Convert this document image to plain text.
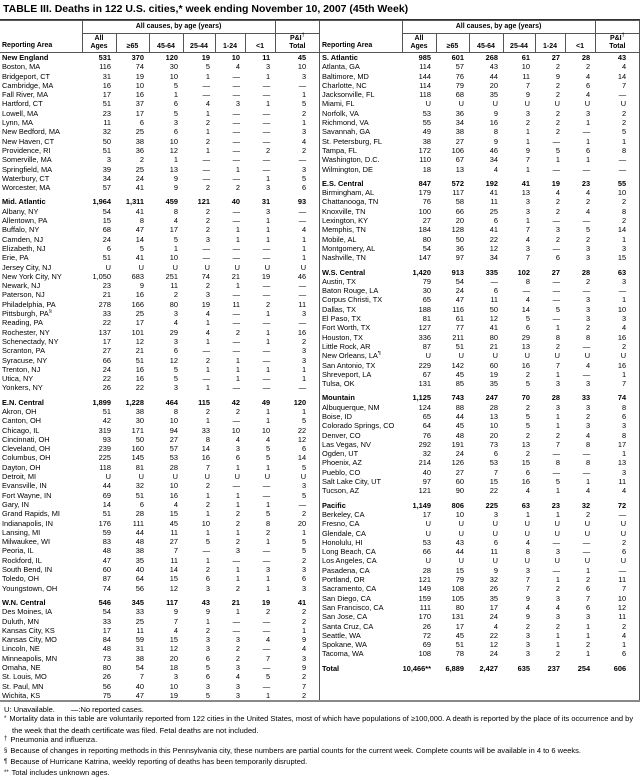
TABLE III. Deaths in 122 U.S. cities,* week ending November 10, 2007 (45th Week)
Reporting Area	All causes, by age (years)						
	All Ages	≥65	45-64	25-44	1-24	<1	P&I†
Total
New England	531	370	120	19	10	11	45
Boston, MA	116	74	30	5	4	3	10
Bridgeport, CT	31	19	10	1	—	1	3
Cambridge, MA	16	10	5	—	—	—	—
Fall River, MA	17	16	1	—	—	—	1
Hartford, CT	51	37	6	4	3	1	5
Lowell, MA	23	17	5	1	—	—	2
Lynn, MA	11	6	3	2	—	—	1
New Bedford, MA	32	25	6	1	—	—	3
New Haven, CT	50	38	10	2	—	—	4
Providence, RI	51	36	12	1	—	2	2
Somerville, MA	3	2	1	—	—	—	—
Springfield, MA	39	25	13	—	1	—	3
Waterbury, CT	34	24	9	—	—	1	5
Worcester, MA	57	41	9	2	2	3	6
Mid. Atlantic	1,964	1,311	459	121	40	31	93
Albany, NY	54	41	8	2	—	3	—
Allentown, PA	15	8	4	2	—	1	—
Buffalo, NY	68	47	17	2	1	1	4
Camden, NJ	24	14	5	3	1	1	1
Elizabeth, NJ	6	5	1	—	—	—	1
Erie, PA	51	41	10	—	—	—	1
Jersey City, NJ	U	U	U	U	U	U	U
New York City, NY	1,050	683	251	74	21	19	46
Newark, NJ	23	9	11	2	1	—	—
Paterson, NJ	21	16	2	3	—	—	—
Philadelphia, PA	278	166	80	19	11	2	11
Pittsburgh, PA§	33	25	3	4	—	1	3
Reading, PA	22	17	4	1	—	—	—
Rochester, NY	137	101	29	4	2	1	16
Schenectady, NY	17	12	3	1	—	1	2
Scranton, PA	27	21	6	—	—	—	3
Syracuse, NY	66	51	12	2	1	—	3
Trenton, NJ	24	16	5	1	1	1	1
Utica, NY	22	16	5	—	1	—	1
Yonkers, NY	26	22	3	1	—	—	—
E.N. Central	1,899	1,228	464	115	42	49	120
Akron, OH	51	38	8	2	2	1	1
Canton, OH	42	30	10	1	—	1	5
Chicago, IL	319	171	94	33	10	10	22
Cincinnati, OH	93	50	27	8	4	4	12
Cleveland, OH	239	160	57	14	3	5	6
Columbus, OH	225	145	53	16	6	5	14
Dayton, OH	118	81	28	7	1	1	5
Detroit, MI	U	U	U	U	U	U	U
Evansville, IN	44	32	10	2	—	—	3
Fort Wayne, IN	69	51	16	1	1	—	5
Gary, IN	14	6	4	2	1	1	—
Grand Rapids, MI	51	28	15	1	2	5	2
Indianapolis, IN	176	111	45	10	2	8	20
Lansing, MI	59	44	11	1	1	2	1
Milwaukee, WI	83	48	27	5	2	1	5
Peoria, IL	48	38	7	—	3	—	5
Rockford, IL	47	35	11	1	—	—	2
South Bend, IN	60	40	14	2	1	3	3
Toledo, OH	87	64	15	6	1	1	6
Youngstown, OH	74	56	12	3	2	1	3
W.N. Central	546	345	117	43	21	19	41
Des Moines, IA	54	33	9	9	1	2	2
Duluth, MN	33	25	7	1	—	—	2
Kansas City, KS	17	11	4	2	—	—	1
Kansas City, MO	84	59	15	3	3	4	9
Lincoln, NE	48	31	12	3	2	—	4
Minneapolis, MN	73	38	20	6	2	7	3
Omaha, NE	80	54	18	5	3	—	9
St. Louis, MO	26	7	3	6	4	5	2
St. Paul, MN	56	40	10	3	3	—	7
Wichita, KS	75	47	19	5	3	1	2
Reporting Area	All causes, by age (years)						
	All Ages	≥65	45-64	25-44	1-24	<1	P&I†
Total
S. Atlantic	985	601	268	61	27	28	43
Atlanta, GA	114	57	43	10	2	2	4
Baltimore, MD	144	76	44	11	9	4	14
Charlotte, NC	114	79	20	7	2	6	7
Jacksonville, FL	118	68	35	9	2	4	—
Miami, FL	U	U	U	U	U	U	U
Norfolk, VA	53	36	9	3	2	3	2
Richmond, VA	55	34	16	2	2	1	2
Savannah, GA	49	38	8	1	2	—	5
St. Petersburg, FL	38	27	9	1	—	1	1
Tampa, FL	172	106	46	9	5	6	8
Washington, D.C.	110	67	34	7	1	1	—
Wilmington, DE	18	13	4	1	—	—	—
E.S. Central	847	572	192	41	19	23	55
Birmingham, AL	179	117	41	13	4	4	10
Chattanooga, TN	76	58	11	3	2	2	2
Knoxville, TN	100	66	25	3	2	4	8
Lexington, KY	27	20	6	1	—	—	2
Memphis, TN	184	128	41	7	3	5	14
Mobile, AL	80	50	22	4	2	2	1
Montgomery, AL	54	36	12	3	—	3	3
Nashville, TN	147	97	34	7	6	3	15
W.S. Central	1,420	913	335	102	27	28	63
Austin, TX	79	54	—	8	—	2	3
Baton Rouge, LA	30	24	6	—	—	—	—
Corpus Christi, TX	65	47	11	4	—	3	1
Dallas, TX	188	116	50	14	5	3	10
El Paso, TX	81	61	12	5	—	3	3
Fort Worth, TX	127	77	41	6	1	2	4
Houston, TX	336	211	80	29	8	8	16
Little Rock, AR	87	51	21	13	2	—	2
New Orleans, LA¶	U	U	U	U	U	U	U
San Antonio, TX	229	142	60	16	7	4	16
Shreveport, LA	67	45	19	2	1	—	1
Tulsa, OK	131	85	35	5	3	3	7
Mountain	1,125	743	247	70	28	33	74
Albuquerque, NM	124	88	28	2	3	3	8
Boise, ID	65	44	13	5	1	2	6
Colorado Springs, CO	64	45	10	5	1	3	3
Denver, CO	76	48	20	2	2	4	8
Las Vegas, NV	292	191	73	13	7	8	17
Ogden, UT	32	24	6	2	—	—	1
Phoenix, AZ	214	126	53	15	8	8	13
Pueblo, CO	40	27	7	6	—	—	3
Salt Lake City, UT	97	60	15	16	5	1	11
Tucson, AZ	121	90	22	4	1	4	4
Pacific	1,149	806	225	63	23	32	72
Berkeley, CA	17	10	3	1	1	2	—
Fresno, CA	U	U	U	U	U	U	U
Glendale, CA	U	U	U	U	U	U	U
Honolulu, HI	53	43	6	4	—	—	2
Long Beach, CA	66	44	11	8	3	—	6
Los Angeles, CA	U	U	U	U	U	U	U
Pasadena, CA	28	15	9	3	—	1	—
Portland, OR	121	79	32	7	1	2	11
Sacramento, CA	149	108	26	7	2	6	7
San Diego, CA	159	105	35	9	3	7	10
San Francisco, CA	111	80	17	4	4	6	12
San Jose, CA	170	131	24	9	3	3	11
Santa Cruz, CA	26	17	4	2	2	1	2
Seattle, WA	72	45	22	3	1	1	4
Spokane, WA	69	51	12	3	1	2	1
Tacoma, WA	108	78	24	3	2	1	6
Total	10,466**	6,889	2,427	635	237	254	606
U: Unavailable. —:No reported cases.
* Mortality data in this table are voluntarily reported from 122 cities in the United States, most of which have populations of ≥100,000. A death is reported by the place of its occurrence and by the week that the death certificate was filed. Fetal deaths are not included.
† Pneumonia and influenza.
§ Because of changes in reporting methods in this Pennsylvania city, these numbers are partial counts for the current week. Complete counts will be available in 4 to 6 weeks.
¶ Because of Hurricane Katrina, weekly reporting of deaths has been temporarily disrupted.
** Total includes unknown ages.
